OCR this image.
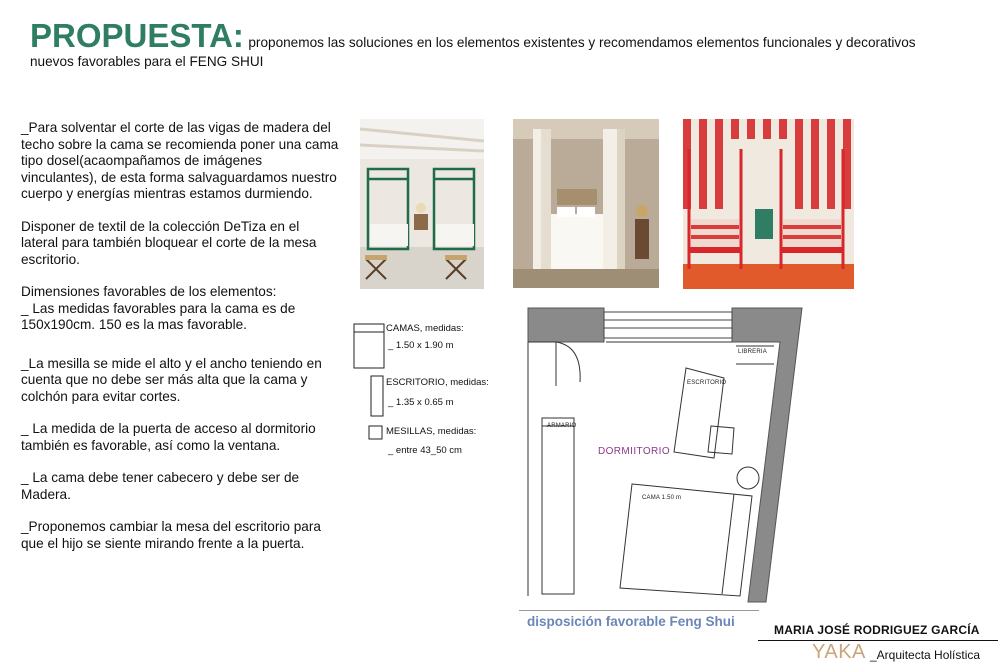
PROPUESTA: proponemos las soluciones en los elementos existentes y recomendamos elementos funcionales y decorativos
nuevos favorables para el FENG SHUI

_Para solventar el corte de las vigas de madera del techo sobre la cama se recomienda poner una cama tipo dosel(acaompañamos de imágenes vinculantes), de esta forma salvaguardamos nuestro cuerpo y energías mientras estamos durmiendo.

Disponer de textil de la colección DeTiza en el lateral para también bloquear el corte de la mesa escritorio.

Dimensiones favorables de los elementos:
_ Las medidas favorables para la cama es de 150x190cm. 150 es la mas favorable.

_La mesilla se mide el alto y el ancho teniendo en cuenta que no debe ser más alta que la cama y colchón para evitar cortes.

_ La medida de la puerta de acceso al dormitorio también es favorable, así como la ventana.

_ La cama debe tener cabecero y debe ser de Madera.

_Proponemos cambiar la mesa del escritorio para que el hijo se siente mirando frente a la puerta.

CAMAS, medidas:
_ 1.50 x 1.90 m
ESCRITORIO, medidas:
_ 1.35 x 0.65 m
MESILLAS, medidas:
_ entre 43_50 cm
LIBRERIA
ESCRITORIO
ARMARIO
DORMIITORIO
CAMA 1.50 m
disposición favorable Feng Shui
MARIA JOSÉ RODRIGUEZ GARCÍA
YAKA _Arquitecta Holística
